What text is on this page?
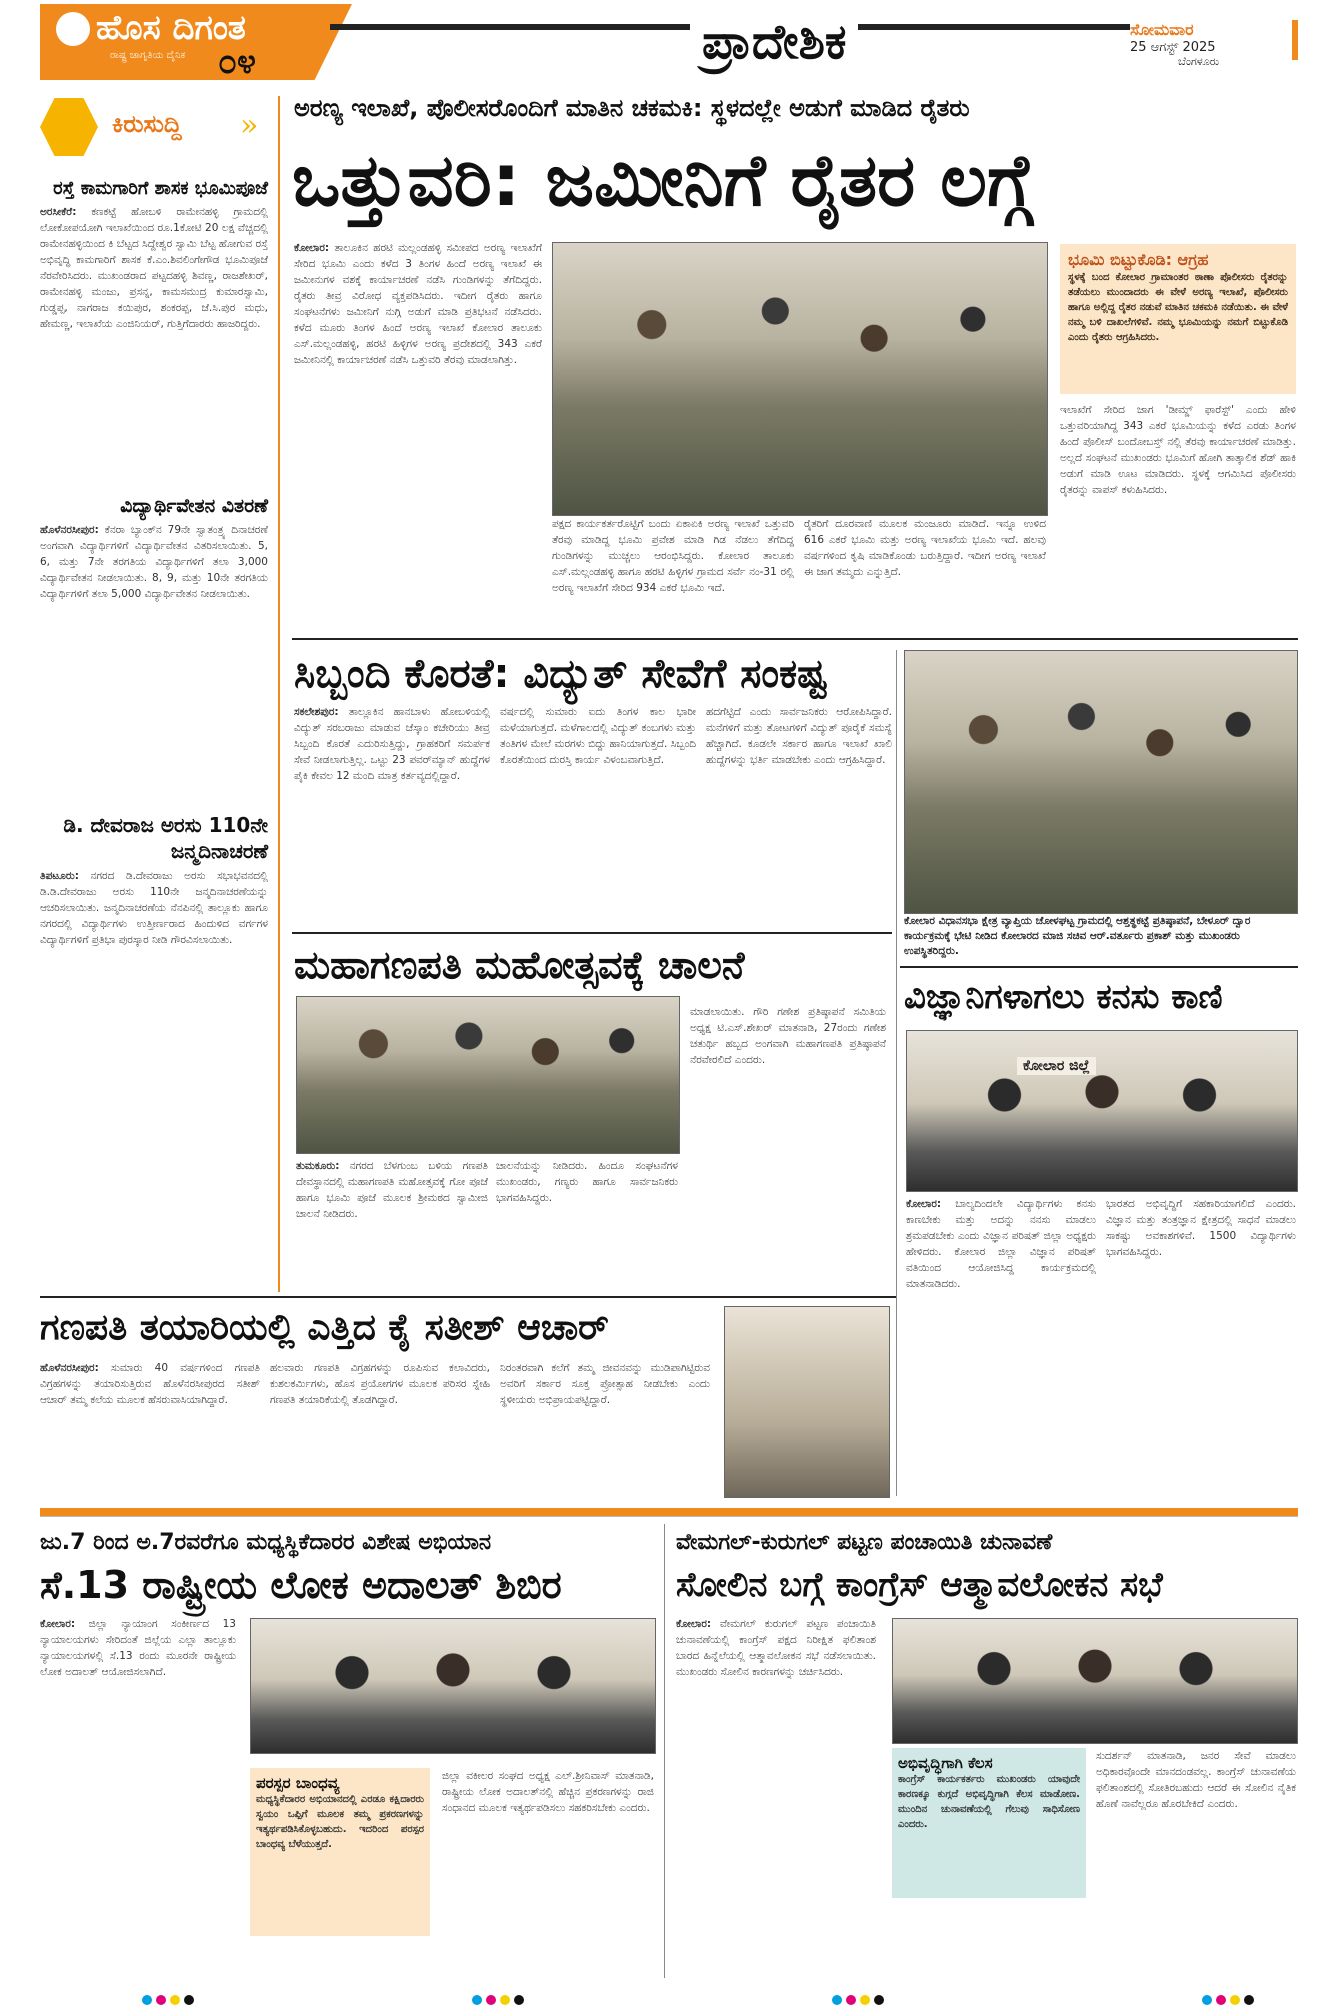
ಹೊಸ ದಿಗಂತ
ರಾಷ್ಟ್ರ ಜಾಗೃತಿಯ ದೈನಿಕ ೦೪	ಪ್ರಾದೇಶಿಕ	ಸೋಮವಾರ
25 ಆಗಸ್ಟ್ 2025
ಬೆಂಗಳೂರು
ಕಿರುಸುದ್ದಿ »
ರಸ್ತೆ ಕಾಮಗಾರಿಗೆ ಶಾಸಕ ಭೂಮಿಪೂಜೆ
ಅರಸೀಕೆರೆ: ಕಣಕಟ್ಟೆ ಹೋಬಳಿ ರಾಮೇನಹಳ್ಳಿ ಗ್ರಾಮದಲ್ಲಿ ಲೋಕೋಪಯೋಗಿ ಇಲಾಖೆಯಿಂದ ರೂ.1ಕೋಟಿ 20 ಲಕ್ಷ ವೆಚ್ಚದಲ್ಲಿ ರಾಮೇನಹಳ್ಳಿಯಿಂದ ಕಿ ಬೆಟ್ಟದ ಸಿದ್ದೇಶ್ವರ ಸ್ವಾಮಿ ಬೆಟ್ಟ ಹೋಗುವ ರಸ್ತೆ ಅಭಿವೃದ್ಧಿ ಕಾಮಗಾರಿಗೆ ಶಾಸಕ ಕೆ.ಎಂ.ಶಿವಲಿಂಗೇಗೌಡ ಭೂಮಿಪೂಜೆ ನೆರವೇರಿಸಿದರು. ಮುಖಂಡರಾದ ಪಟ್ಟದಹಳ್ಳಿ ಶಿವಣ್ಣ, ರಾಜಶೇಖರ್, ರಾಮೇನಹಳ್ಳಿ ಮಂಜು, ಪ್ರಸನ್ನ, ಕಾಮಸಮುದ್ರ ಕುಮಾರಸ್ವಾಮಿ, ಗುಡ್ಡಪ್ಪ, ನಾಗರಾಜ ಕಯಿಪುರ, ಶಂಕರಪ್ಪ, ಜೆ.ಸಿ.ಪುರ ಮಧು, ಹೇಮಣ್ಣ, ಇಲಾಖೆಯ ಎಂಜಿನಿಯರ್, ಗುತ್ತಿಗೆದಾರರು ಹಾಜರಿದ್ದರು.
ವಿದ್ಯಾರ್ಥಿವೇತನ ವಿತರಣೆ
ಹೊಳೆನರಸೀಪುರ: ಕೆನರಾ ಬ್ಯಾಂಕ್‌ನ 79ನೇ ಸ್ವಾತಂತ್ರ್ಯ ದಿನಾಚರಣೆ ಅಂಗವಾಗಿ ವಿದ್ಯಾರ್ಥಿಗಳಿಗೆ ವಿದ್ಯಾರ್ಥಿವೇತನ ವಿತರಿಸಲಾಯಿತು. 5, 6, ಮತ್ತು 7ನೇ ತರಗತಿಯ ವಿದ್ಯಾರ್ಥಿಗಳಿಗೆ ತಲಾ 3,000 ವಿದ್ಯಾರ್ಥಿವೇತನ ನೀಡಲಾಯಿತು. 8, 9, ಮತ್ತು 10ನೇ ತರಗತಿಯ ವಿದ್ಯಾರ್ಥಿಗಳಿಗೆ ತಲಾ 5,000 ವಿದ್ಯಾರ್ಥಿವೇತನ ನೀಡಲಾಯಿತು.
ಡಿ. ದೇವರಾಜ ಅರಸು 110ನೇ ಜನ್ಮದಿನಾಚರಣೆ
ತಿಪಟೂರು: ನಗರದ ಡಿ.ದೇವರಾಜು ಅರಸು ಸಭಾಭವನದಲ್ಲಿ ಡಿ.ಡಿ.ದೇವರಾಜು ಅರಸು 110ನೇ ಜನ್ಮದಿನಾಚರಣೆಯನ್ನು ಆಚರಿಸಲಾಯಿತು. ಜನ್ಮದಿನಾಚರಣೆಯ ನೆನಪಿನಲ್ಲಿ ತಾಲ್ಲೂಕು ಹಾಗೂ ನಗರದಲ್ಲಿ ವಿದ್ಯಾರ್ಥಿಗಳು ಉತ್ತೀರ್ಣರಾದ ಹಿಂದುಳಿದ ವರ್ಗಗಳ ವಿದ್ಯಾರ್ಥಿಗಳಿಗೆ ಪ್ರತಿಭಾ ಪುರಸ್ಕಾರ ನೀಡಿ ಗೌರವಿಸಲಾಯಿತು.
ಅರಣ್ಯ ಇಲಾಖೆ, ಪೊಲೀಸರೊಂದಿಗೆ ಮಾತಿನ ಚಕಮಕಿ: ಸ್ಥಳದಲ್ಲೇ ಅಡುಗೆ ಮಾಡಿದ ರೈತರು
ಒತ್ತುವರಿ: ಜಮೀನಿಗೆ ರೈತರ ಲಗ್ಗೆ
ಕೋಲಾರ: ತಾಲೂಕಿನ ಹರಟಿ ಮಲ್ಲಂಡಹಳ್ಳಿ ಸಮೀಪದ ಅರಣ್ಯ ಇಲಾಖೆಗೆ ಸೇರಿದ ಭೂಮಿ ಎಂದು ಕಳೆದ 3 ತಿಂಗಳ ಹಿಂದೆ ಅರಣ್ಯ ಇಲಾಖೆ ಈ ಜಮೀನುಗಳ ವಶಕ್ಕೆ ಕಾರ್ಯಾಚರಣೆ ನಡೆಸಿ ಗುಂಡಿಗಳನ್ನು ತೆಗೆದಿದ್ದರು. ರೈತರು ತೀವ್ರ ವಿರೋಧ ವ್ಯಕ್ತಪಡಿಸಿದರು. ಇದೀಗ ರೈತರು ಹಾಗೂ ಸಂಘಟನೆಗಳು ಜಮೀನಿಗೆ ನುಗ್ಗಿ ಅಡುಗೆ ಮಾಡಿ ಪ್ರತಿಭಟನೆ ನಡೆಸಿದರು. ಕಳೆದ ಮೂರು ತಿಂಗಳ ಹಿಂದೆ ಅರಣ್ಯ ಇಲಾಖೆ ಕೋಲಾರ ತಾಲೂಕು ಎಸ್.ಮಲ್ಲಂಡಹಳ್ಳಿ, ಹರಟಿ ಹಿಳ್ಳಿಗಳ ಅರಣ್ಯ ಪ್ರದೇಶದಲ್ಲಿ 343 ಎಕರೆ ಜಮೀನಿನಲ್ಲಿ ಕಾರ್ಯಾಚರಣೆ ನಡೆಸಿ ಒತ್ತುವರಿ ತೆರವು ಮಾಡಲಾಗಿತ್ತು.
ಪಕ್ಷದ ಕಾರ್ಯಕರ್ತರೊಟ್ಟಿಗೆ ಬಂದು ಏಕಾಏಕಿ ಅರಣ್ಯ ಇಲಾಖೆ ಒತ್ತುವರಿ ತೆರವು ಮಾಡಿದ್ದ ಭೂಮಿ ಪ್ರವೇಶ ಮಾಡಿ ಗಿಡ ನೆಡಲು ತೆಗೆದಿದ್ದ ಗುಂಡಿಗಳನ್ನು ಮುಚ್ಚಲು ಆರಂಭಿಸಿದ್ದರು. ಕೋಲಾರ ತಾಲೂಕು ಎಸ್.ಮಲ್ಲಂಡಹಳ್ಳಿ ಹಾಗೂ ಹರಟಿ ಹಿಳ್ಳಿಗಳ ಗ್ರಾಮದ ಸರ್ವೆ ನಂ-31 ರಲ್ಲಿ ಅರಣ್ಯ ಇಲಾಖೆಗೆ ಸೇರಿದ 934 ಎಕರೆ ಭೂಮಿ ಇದೆ.
ರೈತರಿಗೆ ದೂರವಾಣಿ ಮೂಲಕ ಮಂಜೂರು ಮಾಡಿದೆ. ಇನ್ನೂ ಉಳಿದ 616 ಎಕರೆ ಭೂಮಿ ಮತ್ತು ಅರಣ್ಯ ಇಲಾಖೆಯ ಭೂಮಿ ಇದೆ. ಹಲವು ವರ್ಷಗಳಿಂದ ಕೃಷಿ ಮಾಡಿಕೊಂಡು ಬರುತ್ತಿದ್ದಾರೆ. ಇದೀಗ ಅರಣ್ಯ ಇಲಾಖೆ ಈ ಜಾಗ ತಮ್ಮದು ಎನ್ನುತ್ತಿದೆ.
ಭೂಮಿ ಬಿಟ್ಟುಕೊಡಿ: ಆಗ್ರಹ
ಸ್ಥಳಕ್ಕೆ ಬಂದ ಕೋಲಾರ ಗ್ರಾಮಾಂತರ ಠಾಣಾ ಪೊಲೀಸರು ರೈತರನ್ನು ತಡೆಯಲು ಮುಂದಾದರು ಈ ವೇಳೆ ಅರಣ್ಯ ಇಲಾಖೆ, ಪೊಲೀಸರು ಹಾಗೂ ಅಲ್ಲಿದ್ದ ರೈತರ ನಡುವೆ ಮಾತಿನ ಚಕಮಕಿ ನಡೆಯಿತು. ಈ ವೇಳೆ ನಮ್ಮ ಬಳಿ ದಾಖಲೆಗಳಿವೆ. ನಮ್ಮ ಭೂಮಿಯನ್ನು ನಮಗೆ ಬಿಟ್ಟುಕೊಡಿ ಎಂದು ರೈತರು ಆಗ್ರಹಿಸಿದರು.
ಇಲಾಖೆಗೆ ಸೇರಿದ ಜಾಗ 'ಡೀಮ್ಡ್ ಫಾರೆಸ್ಟ್' ಎಂದು ಹೇಳಿ ಒತ್ತುವರಿಯಾಗಿದ್ದ 343 ಎಕರೆ ಭೂಮಿಯನ್ನು ಕಳೆದ ಎರಡು ತಿಂಗಳ ಹಿಂದೆ ಪೊಲೀಸ್ ಬಂದೋಬಸ್ತ್ ನಲ್ಲಿ ತೆರವು ಕಾರ್ಯಾಚರಣೆ ಮಾಡಿತ್ತು. ಅಲ್ಲದೆ ಸಂಘಟನೆ ಮುಖಂಡರು ಭೂಮಿಗೆ ಹೋಗಿ ತಾತ್ಕಾಲಿಕ ಶೆಡ್ ಹಾಕಿ ಅಡುಗೆ ಮಾಡಿ ಊಟ ಮಾಡಿದರು. ಸ್ಥಳಕ್ಕೆ ಆಗಮಿಸಿದ ಪೊಲೀಸರು ರೈತರನ್ನು ವಾಪಸ್ ಕಳುಹಿಸಿದರು.
ಸಿಬ್ಬಂದಿ ಕೊರತೆ: ವಿದ್ಯುತ್ ಸೇವೆಗೆ ಸಂಕಷ್ಟ
ಸಕಲೇಶಪುರ: ತಾಲ್ಲೂಕಿನ ಹಾನಬಾಳು ಹೋಬಳಿಯಲ್ಲಿ ವಿದ್ಯುತ್ ಸರಬರಾಜು ಮಾಡುವ ಚೆಸ್ಕಾಂ ಕಚೇರಿಯು ತೀವ್ರ ಸಿಬ್ಬಂದಿ ಕೊರತೆ ಎದುರಿಸುತ್ತಿದ್ದು, ಗ್ರಾಹಕರಿಗೆ ಸಮರ್ಪಕ ಸೇವೆ ನೀಡಲಾಗುತ್ತಿಲ್ಲ. ಒಟ್ಟು 23 ಪವರ್‌ಮ್ಯಾನ್ ಹುದ್ದೆಗಳ ಪೈಕಿ ಕೇವಲ 12 ಮಂದಿ ಮಾತ್ರ ಕರ್ತವ್ಯದಲ್ಲಿದ್ದಾರೆ.
ವರ್ಷದಲ್ಲಿ ಸುಮಾರು ಐದು ತಿಂಗಳ ಕಾಲ ಭಾರೀ ಮಳೆಯಾಗುತ್ತದೆ. ಮಳೆಗಾಲದಲ್ಲಿ ವಿದ್ಯುತ್ ಕಂಬಗಳು ಮತ್ತು ತಂತಿಗಳ ಮೇಲೆ ಮರಗಳು ಬಿದ್ದು ಹಾನಿಯಾಗುತ್ತದೆ. ಸಿಬ್ಬಂದಿ ಕೊರತೆಯಿಂದ ದುರಸ್ತಿ ಕಾರ್ಯ ವಿಳಂಬವಾಗುತ್ತಿದೆ.
ಹದಗೆಟ್ಟಿದೆ ಎಂದು ಸಾರ್ವಜನಿಕರು ಆರೋಪಿಸಿದ್ದಾರೆ. ಮನೆಗಳಿಗೆ ಮತ್ತು ತೋಟಗಳಿಗೆ ವಿದ್ಯುತ್ ಪೂರೈಕೆ ಸಮಸ್ಯೆ ಹೆಚ್ಚಾಗಿದೆ. ಕೂಡಲೇ ಸರ್ಕಾರ ಹಾಗೂ ಇಲಾಖೆ ಖಾಲಿ ಹುದ್ದೆಗಳನ್ನು ಭರ್ತಿ ಮಾಡಬೇಕು ಎಂದು ಆಗ್ರಹಿಸಿದ್ದಾರೆ.
ಕೋಲಾರ ವಿಧಾನಸಭಾ ಕ್ಷೇತ್ರ ವ್ಯಾಪ್ತಿಯ ಚೋಳಘಟ್ಟ ಗ್ರಾಮದಲ್ಲಿ ಆಶ್ತತ್ಥಕಟ್ಟೆ ಪ್ರತಿಷ್ಠಾಪನೆ, ಬೇಳೂರ್ ದ್ವಾರ ಕಾರ್ಯಕ್ರಮಕ್ಕೆ ಭೇಟಿ ನೀಡಿದ ಕೋಲಾರದ ಮಾಜಿ ಸಚಿವ ಆರ್.ವರ್ತೂರು ಪ್ರಕಾಶ್ ಮತ್ತು ಮುಖಂಡರು ಉಪಸ್ಥಿತರಿದ್ದರು.
ಮಹಾಗಣಪತಿ ಮಹೋತ್ಸವಕ್ಕೆ ಚಾಲನೆ
ತುಮಕೂರು: ನಗರದ ಬೆಳಗುಂಬ ಬಳಿಯ ಗಣಪತಿ ದೇವಸ್ಥಾನದಲ್ಲಿ ಮಹಾಗಣಪತಿ ಮಹೋತ್ಸವಕ್ಕೆ ಗೋ ಪೂಜೆ ಹಾಗೂ ಭೂಮಿ ಪೂಜೆ ಮೂಲಕ ಶ್ರೀಮಠದ ಸ್ವಾಮೀಜಿ ಚಾಲನೆ ನೀಡಿದರು.
ಚಾಲನೆಯನ್ನು ನೀಡಿದರು. ಹಿಂದೂ ಸಂಘಟನೆಗಳ ಮುಖಂಡರು, ಗಣ್ಯರು ಹಾಗೂ ಸಾರ್ವಜನಿಕರು ಭಾಗವಹಿಸಿದ್ದರು.
ಮಾಡಲಾಯಿತು. ಗೌರಿ ಗಣೇಶ ಪ್ರತಿಷ್ಠಾಪನೆ ಸಮಿತಿಯ ಅಧ್ಯಕ್ಷ ಟಿ.ಎಸ್.ಶೇಖರ್ ಮಾತನಾಡಿ, 27ರಂದು ಗಣೇಶ ಚತುರ್ಥಿ ಹಬ್ಬದ ಅಂಗವಾಗಿ ಮಹಾಗಣಪತಿ ಪ್ರತಿಷ್ಠಾಪನೆ ನೆರವೇರಲಿದೆ ಎಂದರು.
ವಿಜ್ಞಾನಿಗಳಾಗಲು ಕನಸು ಕಾಣಿ
ಕೋಲಾರ ಜಿಲ್ಲೆ
ಕೋಲಾರ: ಬಾಲ್ಯದಿಂದಲೇ ವಿದ್ಯಾರ್ಥಿಗಳು ಕನಸು ಕಾಣಬೇಕು ಮತ್ತು ಅದನ್ನು ನನಸು ಮಾಡಲು ಶ್ರಮಪಡಬೇಕು ಎಂದು ವಿಜ್ಞಾನ ಪರಿಷತ್ ಜಿಲ್ಲಾ ಅಧ್ಯಕ್ಷರು ಹೇಳಿದರು. ಕೋಲಾರ ಜಿಲ್ಲಾ ವಿಜ್ಞಾನ ಪರಿಷತ್ ವತಿಯಿಂದ ಆಯೋಜಿಸಿದ್ದ ಕಾರ್ಯಕ್ರಮದಲ್ಲಿ ಮಾತನಾಡಿದರು.
ಭಾರತದ ಅಭಿವೃದ್ಧಿಗೆ ಸಹಕಾರಿಯಾಗಲಿದೆ ಎಂದರು. ವಿಜ್ಞಾನ ಮತ್ತು ತಂತ್ರಜ್ಞಾನ ಕ್ಷೇತ್ರದಲ್ಲಿ ಸಾಧನೆ ಮಾಡಲು ಸಾಕಷ್ಟು ಅವಕಾಶಗಳಿವೆ. 1500 ವಿದ್ಯಾರ್ಥಿಗಳು ಭಾಗವಹಿಸಿದ್ದರು.
ಗಣಪತಿ ತಯಾರಿಯಲ್ಲಿ ಎತ್ತಿದ ಕೈ ಸತೀಶ್ ಆಚಾರ್
ಹೊಳೆನರಸೀಪುರ: ಸುಮಾರು 40 ವರ್ಷಗಳಿಂದ ಗಣಪತಿ ವಿಗ್ರಹಗಳನ್ನು ತಯಾರಿಸುತ್ತಿರುವ ಹೊಳೆನರಸೀಪುರದ ಸತೀಶ್ ಆಚಾರ್ ತಮ್ಮ ಕಲೆಯ ಮೂಲಕ ಹೆಸರುವಾಸಿಯಾಗಿದ್ದಾರೆ.
ಹಲವಾರು ಗಣಪತಿ ವಿಗ್ರಹಗಳನ್ನು ರೂಪಿಸುವ ಕಲಾವಿದರು, ಕುಶಲಕರ್ಮಿಗಳು, ಹೊಸ ಪ್ರಯೋಗಗಳ ಮೂಲಕ ಪರಿಸರ ಸ್ನೇಹಿ ಗಣಪತಿ ತಯಾರಿಕೆಯಲ್ಲಿ ತೊಡಗಿದ್ದಾರೆ.
ನಿರಂತರವಾಗಿ ಕಲೆಗೆ ತಮ್ಮ ಜೀವನವನ್ನು ಮುಡಿಪಾಗಿಟ್ಟಿರುವ ಅವರಿಗೆ ಸರ್ಕಾರ ಸೂಕ್ತ ಪ್ರೋತ್ಸಾಹ ನೀಡಬೇಕು ಎಂದು ಸ್ಥಳೀಯರು ಅಭಿಪ್ರಾಯಪಟ್ಟಿದ್ದಾರೆ.
ಜು.7 ರಿಂದ ಅ.7ರವರೆಗೂ ಮಧ್ಯಸ್ಥಿಕೆದಾರರ ವಿಶೇಷ ಅಭಿಯಾನ
ಸೆ.13 ರಾಷ್ಟ್ರೀಯ ಲೋಕ ಅದಾಲತ್ ಶಿಬಿರ
ಕೋಲಾರ: ಜಿಲ್ಲಾ ನ್ಯಾಯಾಂಗ ಸಂಕೀರ್ಣದ 13 ನ್ಯಾಯಾಲಯಗಳು ಸೇರಿದಂತೆ ಜಿಲ್ಲೆಯ ಎಲ್ಲಾ ತಾಲ್ಲೂಕು ನ್ಯಾಯಾಲಯಗಳಲ್ಲಿ ಸೆ.13 ರಂದು ಮೂರನೇ ರಾಷ್ಟ್ರೀಯ ಲೋಕ ಅದಾಲತ್ ಆಯೋಜಿಸಲಾಗಿದೆ.
ಪರಸ್ಪರ ಬಾಂಧವ್ಯ
ಮಧ್ಯಸ್ಥಿಕೆದಾರರ ಅಭಿಯಾನದಲ್ಲಿ ಎರಡೂ ಕಕ್ಷಿದಾರರು ಸ್ವಯಂ ಒಪ್ಪಿಗೆ ಮೂಲಕ ತಮ್ಮ ಪ್ರಕರಣಗಳನ್ನು ಇತ್ಯರ್ಥಪಡಿಸಿಕೊಳ್ಳಬಹುದು. ಇದರಿಂದ ಪರಸ್ಪರ ಬಾಂಧವ್ಯ ಬೆಳೆಯುತ್ತದೆ.
ಜಿಲ್ಲಾ ವಕೀಲರ ಸಂಘದ ಅಧ್ಯಕ್ಷ ಎಲ್.ಶ್ರೀನಿವಾಸ್ ಮಾತನಾಡಿ, ರಾಷ್ಟ್ರೀಯ ಲೋಕ ಅದಾಲತ್‌ನಲ್ಲಿ ಹೆಚ್ಚಿನ ಪ್ರಕರಣಗಳನ್ನು ರಾಜಿ ಸಂಧಾನದ ಮೂಲಕ ಇತ್ಯರ್ಥಪಡಿಸಲು ಸಹಕರಿಸಬೇಕು ಎಂದರು.
ವೇಮಗಲ್-ಕುರುಗಲ್ ಪಟ್ಟಣ ಪಂಚಾಯಿತಿ ಚುನಾವಣೆ
ಸೋಲಿನ ಬಗ್ಗೆ ಕಾಂಗ್ರೆಸ್ ಆತ್ಮಾವಲೋಕನ ಸಭೆ
ಕೋಲಾರ: ವೇಮಗಲ್ ಕುರುಗಲ್ ಪಟ್ಟಣ ಪಂಚಾಯಿತಿ ಚುನಾವಣೆಯಲ್ಲಿ ಕಾಂಗ್ರೆಸ್ ಪಕ್ಷದ ನಿರೀಕ್ಷಿತ ಫಲಿತಾಂಶ ಬಾರದ ಹಿನ್ನೆಲೆಯಲ್ಲಿ ಆತ್ಮಾವಲೋಕನ ಸಭೆ ನಡೆಸಲಾಯಿತು. ಮುಖಂಡರು ಸೋಲಿನ ಕಾರಣಗಳನ್ನು ಚರ್ಚಿಸಿದರು.
ಅಭಿವೃದ್ಧಿಗಾಗಿ ಕೆಲಸ
ಕಾಂಗ್ರೆಸ್ ಕಾರ್ಯಕರ್ತರು ಮುಖಂಡರು ಯಾವುದೇ ಕಾರಣಕ್ಕೂ ಕುಗ್ಗದೆ ಅಭಿವೃದ್ಧಿಗಾಗಿ ಕೆಲಸ ಮಾಡೋಣ. ಮುಂದಿನ ಚುನಾವಣೆಯಲ್ಲಿ ಗೆಲುವು ಸಾಧಿಸೋಣ ಎಂದರು.
ಸುದರ್ಶನ್ ಮಾತನಾಡಿ, ಜನರ ಸೇವೆ ಮಾಡಲು ಅಧಿಕಾರವೊಂದೇ ಮಾನದಂಡವಲ್ಲ. ಕಾಂಗ್ರೆಸ್ ಚುನಾವಣೆಯ ಫಲಿತಾಂಶದಲ್ಲಿ ಸೋತಿರಬಹುದು ಆದರೆ ಈ ಸೋಲಿನ ನೈತಿಕ ಹೊಣೆ ನಾವೆಲ್ಲರೂ ಹೊರಬೇಕಿದೆ ಎಂದರು.
